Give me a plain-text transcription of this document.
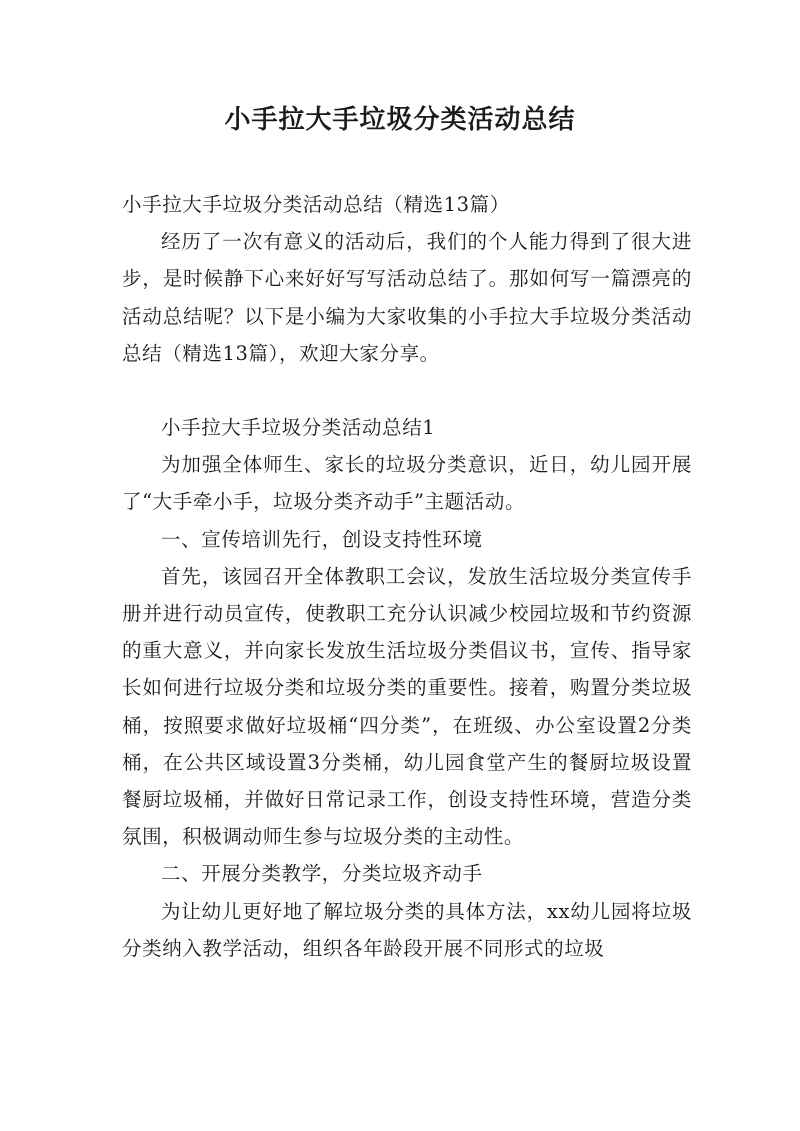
小手拉大手垃圾分类活动总结

小手拉大手垃圾分类活动总结（精选13篇）

经历了一次有意义的活动后，我们的个人能力得到了很大进步，是时候静下心来好好写写活动总结了。那如何写一篇漂亮的活动总结呢？以下是小编为大家收集的小手拉大手垃圾分类活动总结（精选13篇），欢迎大家分享。

小手拉大手垃圾分类活动总结1

为加强全体师生、家长的垃圾分类意识，近日，幼儿园开展了“大手牵小手，垃圾分类齐动手”主题活动。

一、宣传培训先行，创设支持性环境

首先，该园召开全体教职工会议，发放生活垃圾分类宣传手册并进行动员宣传，使教职工充分认识减少校园垃圾和节约资源的重大意义，并向家长发放生活垃圾分类倡议书，宣传、指导家长如何进行垃圾分类和垃圾分类的重要性。接着，购置分类垃圾桶，按照要求做好垃圾桶“四分类”，在班级、办公室设置2分类桶，在公共区域设置3分类桶，幼儿园食堂产生的餐厨垃圾设置餐厨垃圾桶，并做好日常记录工作，创设支持性环境，营造分类氛围，积极调动师生参与垃圾分类的主动性。

二、开展分类教学，分类垃圾齐动手

为让幼儿更好地了解垃圾分类的具体方法，xx幼儿园将垃圾分类纳入教学活动，组织各年龄段开展不同形式的垃圾
